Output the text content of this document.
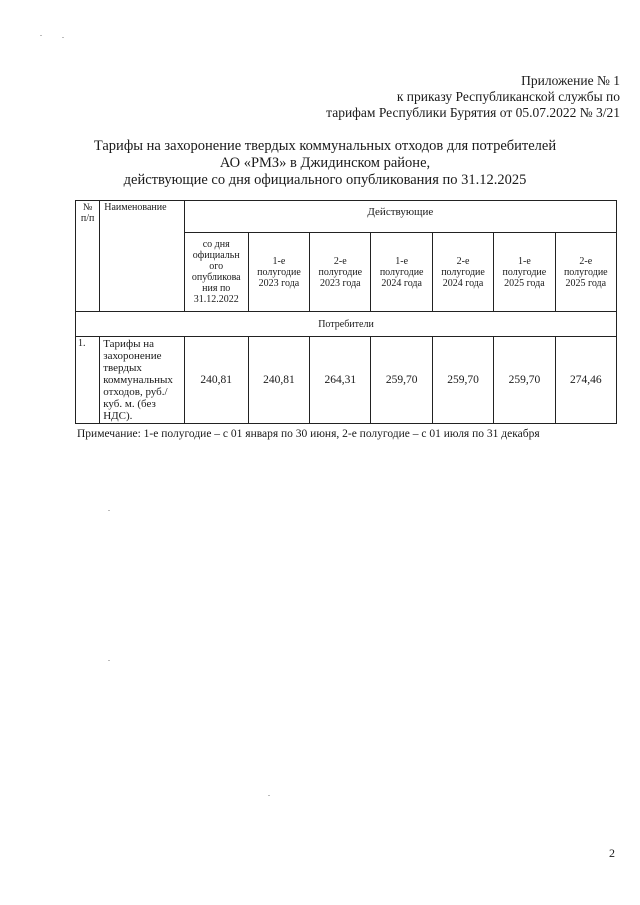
Приложение № 1
к приказу Республиканской службы по
тарифам Республики Бурятия от 05.07.2022 № 3/21
Тарифы на захоронение твердых коммунальных отходов для потребителей
АО «РМЗ» в Джидинском районе,
действующие со дня официального опубликования по 31.12.2025
№ п/п	Наименование	Действующие						
		со дня официальн ого опубликова ния по 31.12.2022	1-е полугодие 2023 года	2-е полугодие 2023 года	1-е полугодие 2024 года	2-е полугодие 2024 года	1-е полугодие 2025 года	2-е полугодие 2025 года
Потребители								
1.	Тарифы на захоронение твердых коммунальных отходов, руб./куб. м. (без НДС).	240,81	240,81	264,31	259,70	259,70	259,70	274,46
Примечание: 1-е полугодие – с 01 января по 30 июня, 2-е полугодие – с 01 июля по 31 декабря
2
